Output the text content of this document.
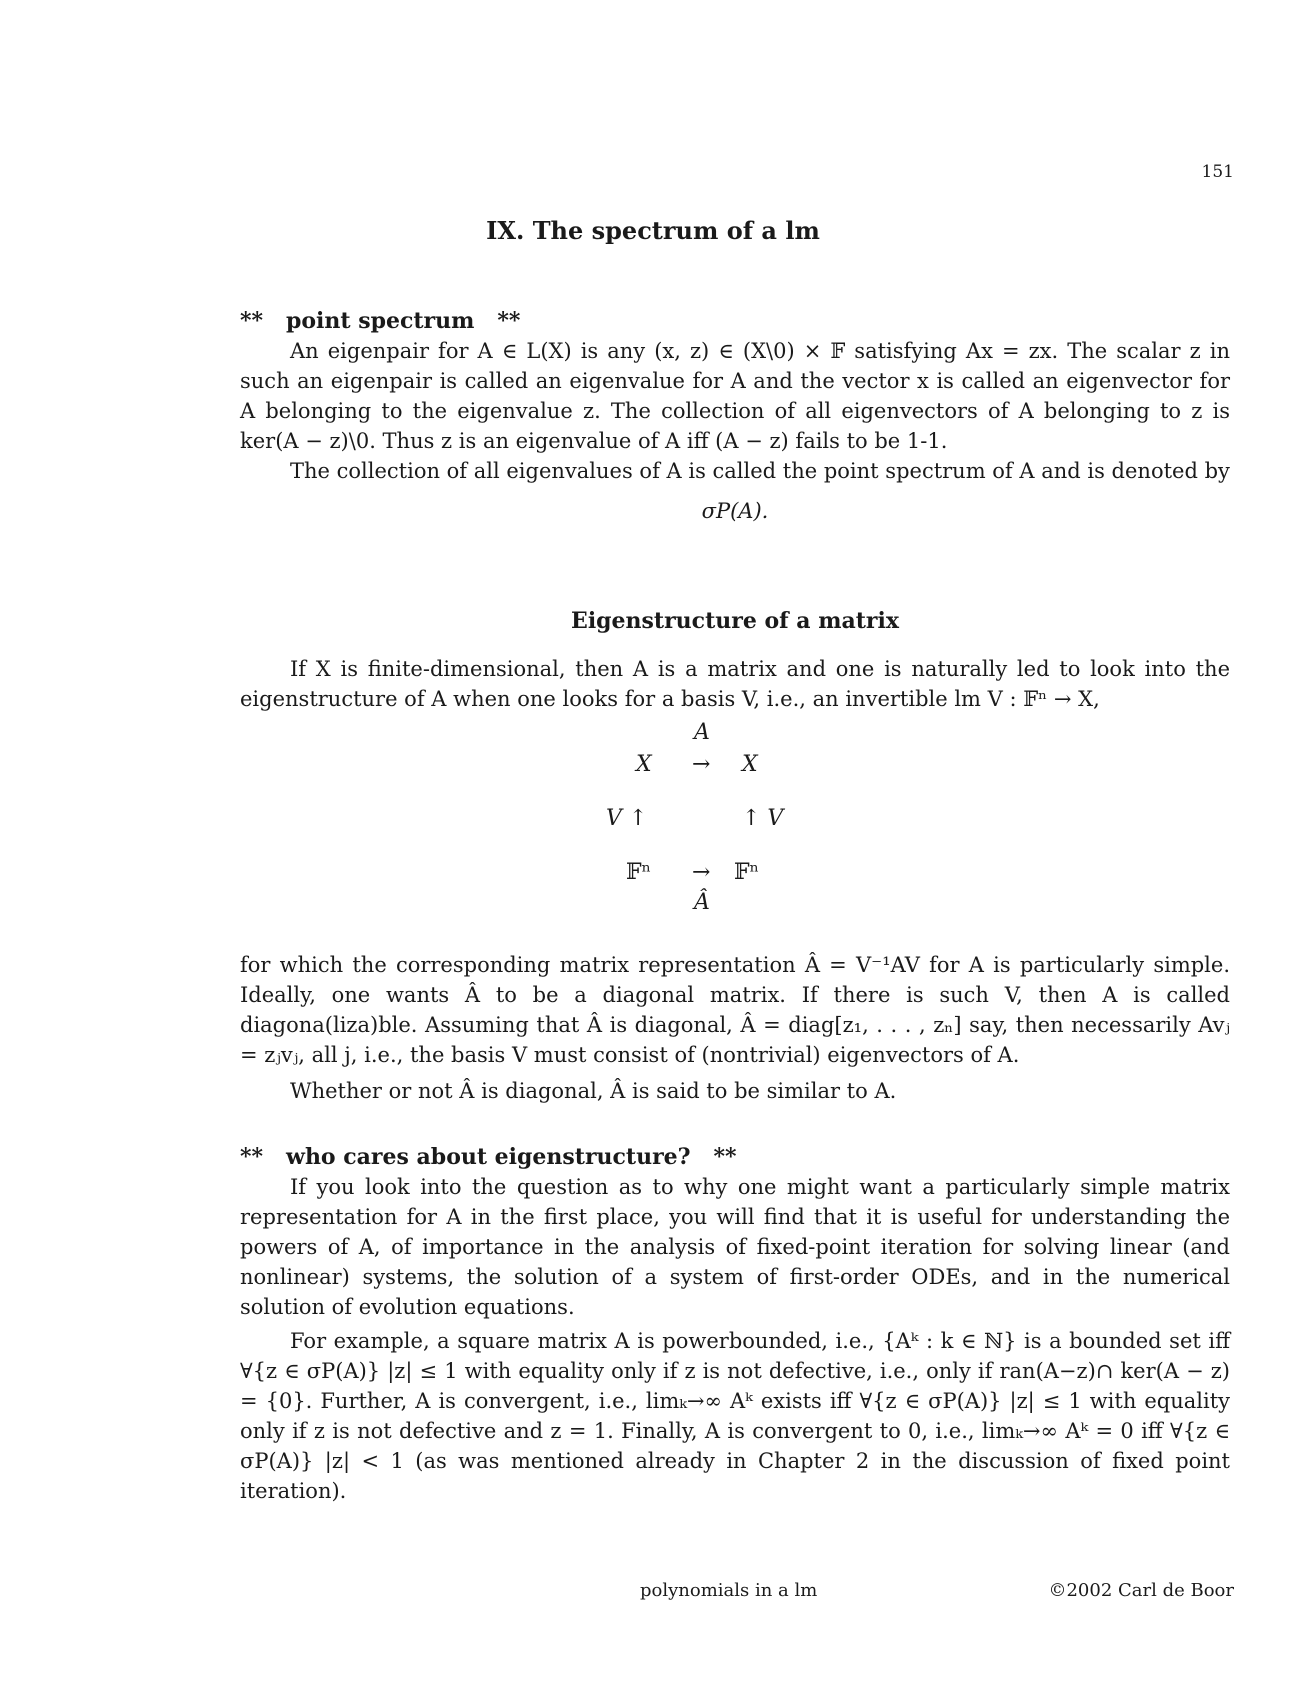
151
IX. The spectrum of a lm
** point spectrum   **

An eigenpair for A ∈ L(X) is any (x, z) ∈ (X\0) × 𝔽 satisfying Ax = zx. The scalar z in such an eigenpair is called an eigenvalue for A and the vector x is called an eigenvector for A belonging to the eigenvalue z. The collection of all eigenvectors of A belonging to z is ker(A − z)\0. Thus z is an eigenvalue of A iff (A − z) fails to be 1-1.

The collection of all eigenvalues of A is called the point spectrum of A and is denoted by

σP(A).

Eigenstructure of a matrix

If X is finite-dimensional, then A is a matrix and one is naturally led to look into the eigenstructure of A when one looks for a basis V, i.e., an invertible lm V : 𝔽ⁿ → X,

A
X → X
V ↑	↑ V
𝔽ⁿ → 𝔽ⁿ
Â

for which the corresponding matrix representation Â = V⁻¹AV for A is particularly simple. Ideally, one wants Â to be a diagonal matrix. If there is such V, then A is called diagona(liza)ble. Assuming that Â is diagonal, Â = diag[z₁, . . . , zₙ] say, then necessarily Avⱼ = zⱼvⱼ, all j, i.e., the basis V must consist of (nontrivial) eigenvectors of A.

Whether or not Â is diagonal, Â is said to be similar to A.

** who cares about eigenstructure?   **

If you look into the question as to why one might want a particularly simple matrix representation for A in the first place, you will find that it is useful for understanding the powers of A, of importance in the analysis of fixed-point iteration for solving linear (and nonlinear) systems, the solution of a system of first-order ODEs, and in the numerical solution of evolution equations.

For example, a square matrix A is powerbounded, i.e., {Aᵏ : k ∈ ℕ} is a bounded set iff ∀{z ∈ σP(A)} |z| ≤ 1 with equality only if z is not defective, i.e., only if ran(A−z)∩ ker(A − z) = {0}. Further, A is convergent, i.e., limₖ→∞ Aᵏ exists iff ∀{z ∈ σP(A)} |z| ≤ 1 with equality only if z is not defective and z = 1. Finally, A is convergent to 0, i.e., limₖ→∞ Aᵏ = 0 iff ∀{z ∈ σP(A)} |z| < 1 (as was mentioned already in Chapter 2 in the discussion of fixed point iteration).

polynomials in a lm	©2002 Carl de Boor
